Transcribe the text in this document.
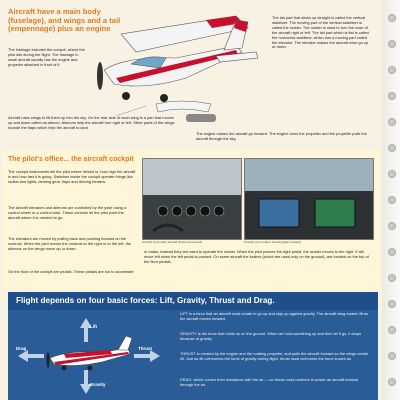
Aircraft have a main body (fuselage), and wings and a tail (empennage) plus an engine
The fuselage includes the cockpit, where the pilot sits during the flight. The fuselage in small aircraft usually has the engine and propeller attached in front of it.
Aircraft have wings to lift them up into the sky. On the rear side of each wing is a part that moves up and down called an aileron. Ailerons help the aircraft turn right or left. Other parts of the wings include the flaps which help the aircraft to land.
The tail part that sticks up straight is called the vertical stabilizer. The moving part of the vertical stabilizer is called the rudder. The rudder is used to turn the nose of the aircraft right or left. The tail part which is flat is called the horizontal stabilizer, which has a moving part called the elevator. The elevator makes the aircraft nose go up or down.
The engine makes the aircraft go forward. The engine turns the propeller and the propeller pulls the aircraft through the sky.
The pilot's office... the aircraft cockpit
The cockpit instruments tell the pilot where he/she is, how high the aircraft is and how fast it is going. Switches inside the cockpit operate things like radios and lights, landing gear, flaps and deicing heaters.
The aircraft elevators and ailerons are controlled by the yoke using a control wheel or a control stick. These controls let the pilot point the aircraft where it is needed to go.
The elevators are moved by pulling back and pushing forward on the controls. When the pilot moves the controls to the right or to the left, the ailerons on the wings move up or down.
On the floor of the cockpit are pedals. These pedals are not to accelerate
or brake, instead they are used to operate the rudder. When the pilot pushes the right pedal, the rudder moves to the right. It will move left when the left pedal is pushed. On some aircraft the brakes (which are used only on the ground), are located on the top of the floor pedals.
Cockpit of an older aircraft (instrument panel)	Cockpit of a modern aircraft (glass cockpit)
Flight depends on four basic forces: Lift, Gravity, Thrust and Drag.
Lift
Gravity
Thrust
Drag
LIFT is a force that an aircraft must create to go up and stay up against gravity. The aircraft wing makes lift as the aircraft moves forward.
GRAVITY is the force that holds us on the ground. When we hold something up and then let it go, it drops because of gravity.
THRUST is created by the engine and the rotating propeller, and pulls the aircraft forward so the wings create lift. Just as lift overcomes the force of gravity during flight, thrust must overcome the force known as
DRAG, which comes from resistance with the air — so thrust must continue to power an aircraft forward through the air.
